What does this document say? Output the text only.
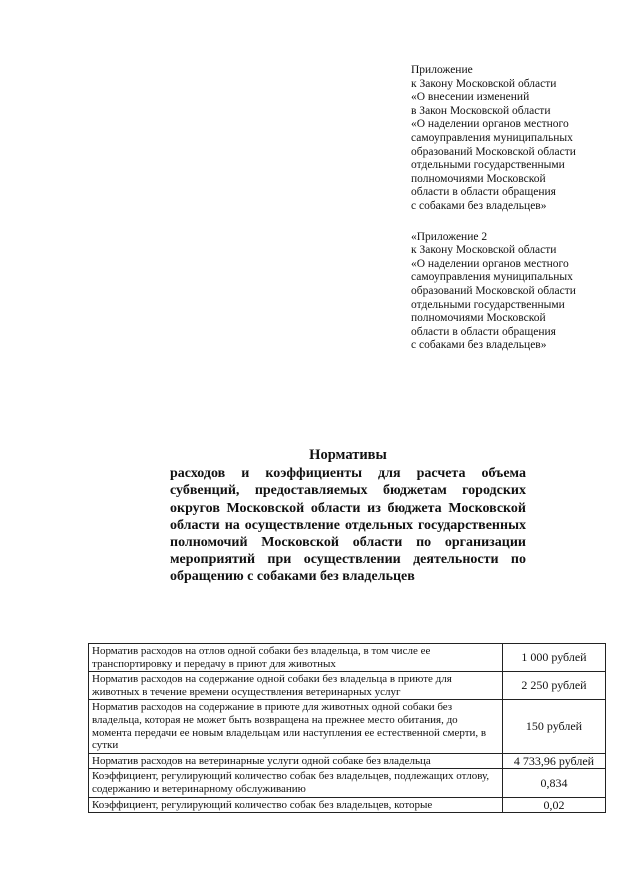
Приложение

к Закону Московской области

«О внесении изменений

в Закон Московской области

«О наделении органов местного

самоуправления муниципальных

образований Московской области

отдельными государственными

полномочиями Московской

области в области обращения

с собаками без владельцев»

«Приложение 2

к Закону Московской области

«О наделении органов местного

самоуправления муниципальных

образований Московской области

отдельными государственными

полномочиями Московской

области в области обращения

с собаками без владельцев»

Нормативы
расходов и коэффициенты для расчета объема субвенций, предоставляемых бюджетам городских округов Московской области из бюджета Московской области на осуществление отдельных государственных полномочий Московской области по организации мероприятий при осуществлении деятельности по обращению с собаками без владельцев
Норматив расходов на отлов одной собаки без владельца, в том числе ее транспортировку и передачу в приют для животных	1 000 рублей
Норматив расходов на содержание одной собаки без владельца в приюте для животных в течение времени осуществления ветеринарных услуг	2 250 рублей
Норматив расходов на содержание в приюте для животных одной собаки без владельца, которая не может быть возвращена на прежнее место обитания, до момента передачи ее новым владельцам или наступления ее естественной смерти, в сутки	150 рублей
Норматив расходов на ветеринарные услуги одной собаке без владельца	4 733,96 рублей
Коэффициент, регулирующий количество собак без владельцев, подлежащих отлову, содержанию и ветеринарному обслуживанию	0,834
Коэффициент, регулирующий количество собак без владельцев, которые	0,02
